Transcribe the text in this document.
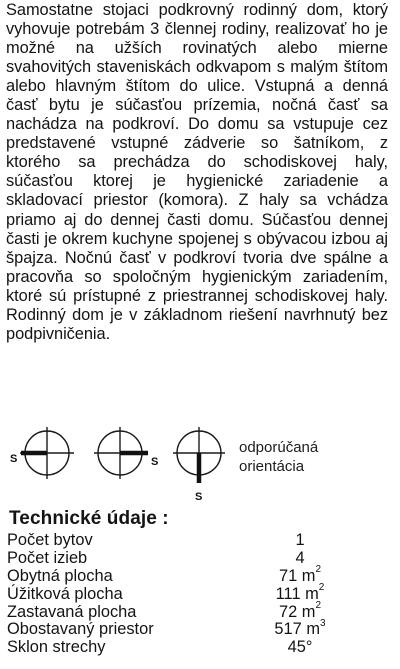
Samostatne stojaci podkrovný rodinný dom, ktorý vyhovuje potrebám 3 člennej rodiny, realizovať ho je možné na užších rovinatých alebo mierne svahovitých staveniskách odkvapom s malým štítom alebo hlavným štítom do ulice. Vstupná a denná časť bytu je súčasťou prízemia, nočná časť sa nachádza na podkroví. Do domu sa vstupuje cez predstavené vstupné zádverie so šatníkom, z ktorého sa prechádza do schodiskovej haly, súčasťou ktorej je hygienické zariadenie a skladovací priestor (komora). Z haly sa vchádza priamo aj do dennej časti domu. Súčasťou dennej časti je okrem kuchyne spojenej s obývacou izbou aj špajza. Nočnú časť v podkroví tvoria dve spálne a pracovňa so spoločným hygienickým zariadením, ktoré sú prístupné z priestrannej schodiskovej haly. Rodinný dom je v základnom riešení navrhnutý bez podpivničenia.

S	S
S
odporúčaná
orientácia
Technické údaje :
Počet bytov	1
Počet izieb	4
Obytná plocha	71 $m^2$
Úžitková plocha	111 $m^2$
Zastavaná plocha	72 $m^2$
Obostavaný priestor	517 $m^3$
Sklon strechy	45°
